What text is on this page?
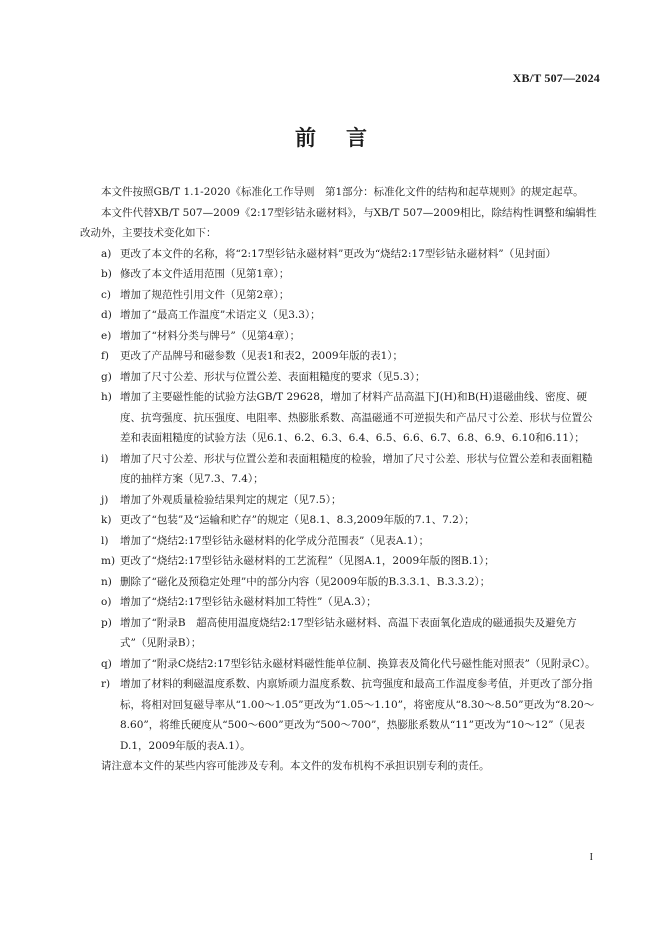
XB/T 507—2024
前言

本文件按照GB/T 1.1-2020《标准化工作导则　第1部分：标准化文件的结构和起草规则》的规定起草。

本文件代替XB/T 507—2009《2:17型钐钴永磁材料》，与XB/T 507—2009相比，除结构性调整和编辑性改动外，主要技术变化如下：

a) 更改了本文件的名称，将“2:17型钐钴永磁材料”更改为“烧结2:17型钐钴永磁材料”（见封面）
b) 修改了本文件适用范围（见第1章）；
c) 增加了规范性引用文件（见第2章）；
d) 增加了“最高工作温度”术语定义（见3.3）；
e) 增加了“材料分类与牌号”（见第4章）；
f) 更改了产品牌号和磁参数（见表1和表2，2009年版的表1）；
g) 增加了尺寸公差、形状与位置公差、表面粗糙度的要求（见5.3）；
h) 增加了主要磁性能的试验方法GB/T 29628，增加了材料产品高温下J(H)和B(H)退磁曲线、密度、硬度、抗弯强度、抗压强度、电阻率、热膨胀系数、高温磁通不可逆损失和产品尺寸公差、形状与位置公差和表面粗糙度的试验方法（见6.1、6.2、6.3、6.4、6.5、6.6、6.7、6.8、6.9、6.10和6.11）；
i) 增加了尺寸公差、形状与位置公差和表面粗糙度的检验，增加了尺寸公差、形状与位置公差和表面粗糙度的抽样方案（见7.3、7.4）；
j) 增加了外观质量检验结果判定的规定（见7.5）；
k) 更改了“包装”及“运输和贮存”的规定（见8.1、8.3,2009年版的7.1、7.2）；
l) 增加了“烧结2:17型钐钴永磁材料的化学成分范围表”（见表A.1）；
m) 更改了“烧结2:17型钐钴永磁材料的工艺流程”（见图A.1，2009年版的图B.1）；
n) 删除了“磁化及预稳定处理”中的部分内容（见2009年版的B.3.3.1、B.3.3.2）；
o) 增加了“烧结2:17型钐钴永磁材料加工特性”（见A.3）；
p) 增加了“附录B　超高使用温度烧结2:17型钐钴永磁材料、高温下表面氧化造成的磁通损失及避免方式”（见附录B）；
q) 增加了“附录C烧结2:17型钐钴永磁材料磁性能单位制、换算表及简化代号磁性能对照表”（见附录C）。
r) 增加了材料的剩磁温度系数、内禀矫顽力温度系数、抗弯强度和最高工作温度参考值，并更改了部分指标，将相对回复磁导率从“1.00～1.05”更改为“1.05～1.10”，将密度从“8.30～8.50”更改为“8.20～8.60”，将维氏硬度从“500～600”更改为“500～700”，热膨胀系数从“11”更改为“10～12”（见表D.1，2009年版的表A.1）。

请注意本文件的某些内容可能涉及专利。本文件的发布机构不承担识别专利的责任。

I
